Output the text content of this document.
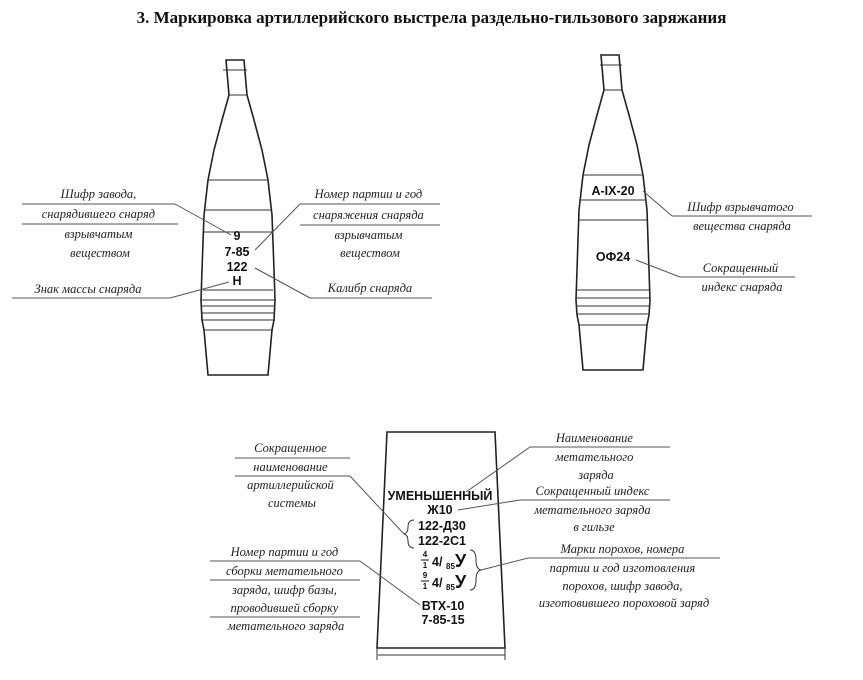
3. Маркировка артиллерийского выстрела раздельно-гильзового заряжания
9
7-85
122
Н
Шифр завода, снарядившего снаряд взрывчатым веществом
Знак массы снаряда
Номер партии и год снаряжения снаряда взрывчатым веществом
Калибр снаряда
А-IX-20
ОФ24
Шифр взрывчатого вещества снаряда
Сокращенный индекс снаряда
УМЕНЬШЕННЫЙ
Ж10
122-Д30
122-2С1
4
1 4/ 85 У
9
1 4/ 85 У
ВТХ-10
7-85-15
Сокращенное наименование артиллерийской системы
Номер партии и год сборки метательного заряда, шифр базы, проводившей сборку метательного заряда
Наименование метательного заряда
Сокращенный индекс метательного заряда в гильзе
Марки порохов, номера партии и год изготовления порохов, шифр завода, изготовившего пороховой заряд
